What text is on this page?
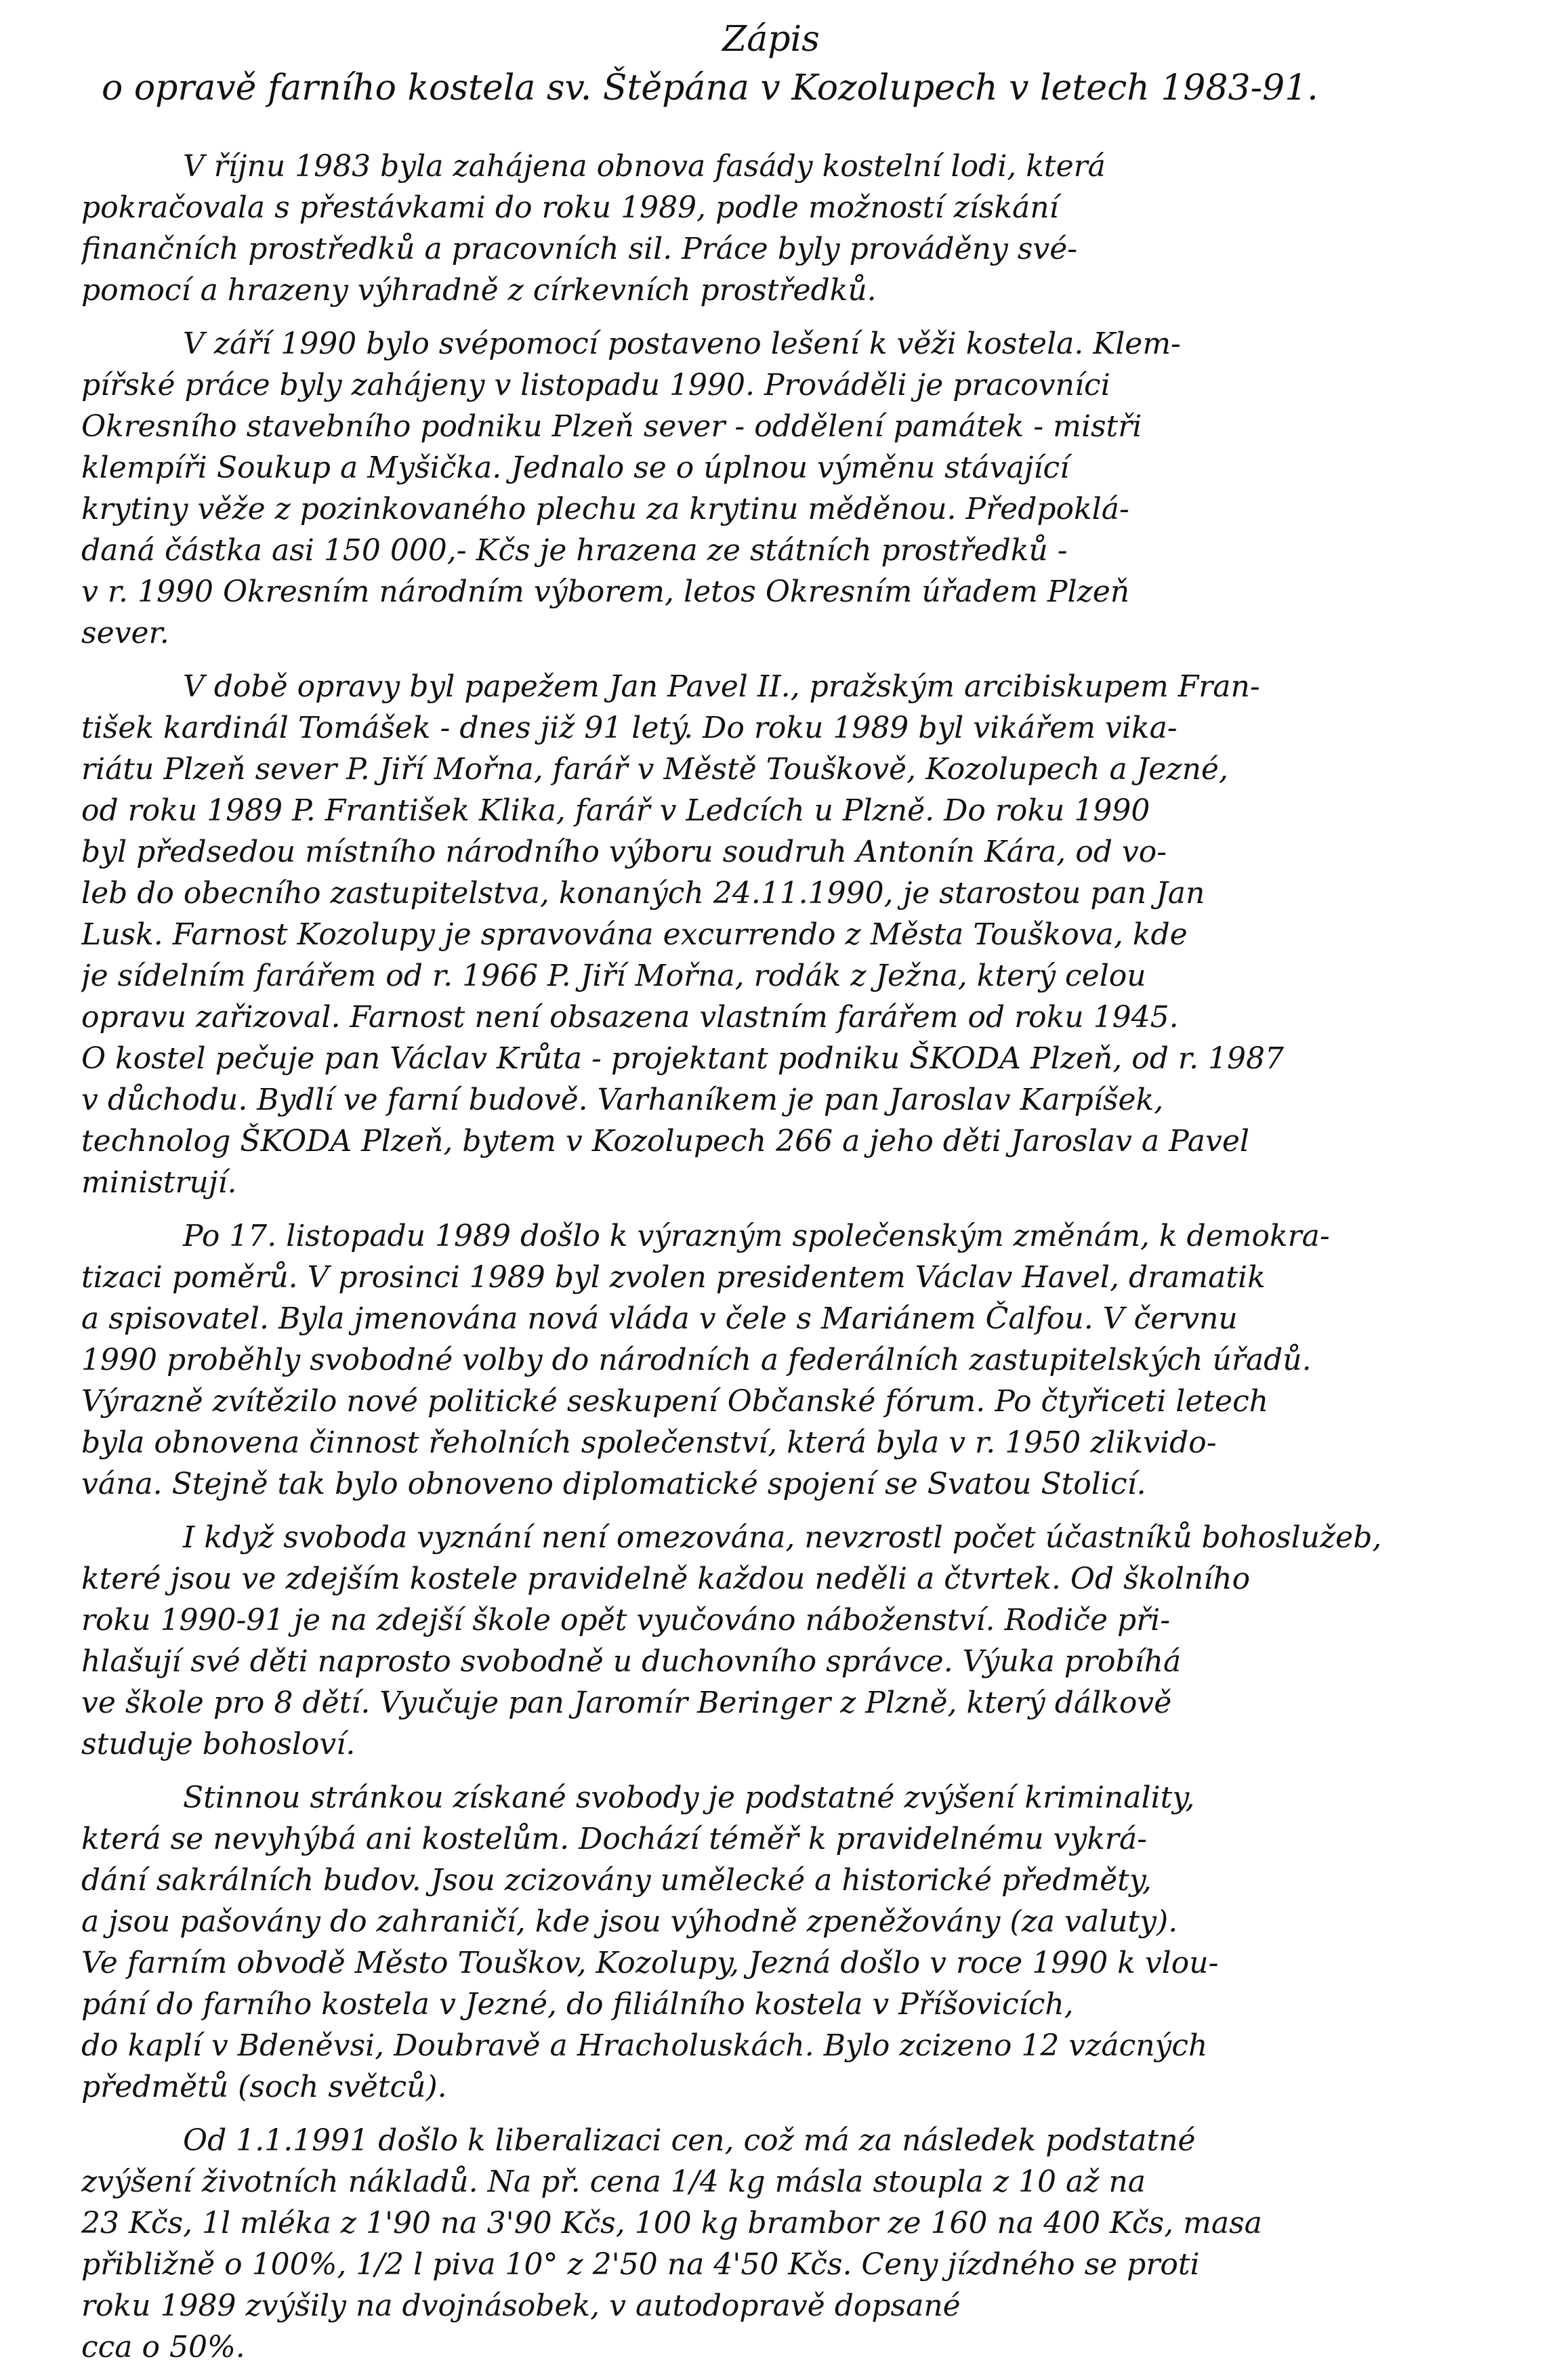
Zápis
o opravě farního kostela sv. Štěpána v Kozolupech v letech 1983-91.
V říjnu 1983 byla zahájena obnova fasády kostelní lodi, která
pokračovala s přestávkami do roku 1989, podle možností získání
finančních prostředků a pracovních sil. Práce byly prováděny své-
pomocí a hrazeny výhradně z církevních prostředků.
V září 1990 bylo svépomocí postaveno lešení k věži kostela. Klem-
pířské práce byly zahájeny v listopadu 1990. Prováděli je pracovníci
Okresního stavebního podniku Plzeň sever - oddělení památek - mistři
klempíři Soukup a Myšička. Jednalo se o úplnou výměnu stávající
krytiny věže z pozinkovaného plechu za krytinu měděnou. Předpoklá-
daná částka asi 150 000,- Kčs je hrazena ze státních prostředků -
v r. 1990 Okresním národním výborem, letos Okresním úřadem Plzeň
sever.
V době opravy byl papežem Jan Pavel II., pražským arcibiskupem Fran-
tišek kardinál Tomášek - dnes již 91 letý. Do roku 1989 byl vikářem vika-
riátu Plzeň sever P. Jiří Mořna, farář v Městě Touškově, Kozolupech a Jezné,
od roku 1989 P. František Klika, farář v Ledcích u Plzně. Do roku 1990
byl předsedou místního národního výboru soudruh Antonín Kára, od vo-
leb do obecního zastupitelstva, konaných 24.11.1990, je starostou pan Jan
Lusk. Farnost Kozolupy je spravována excurrendo z Města Touškova, kde
je sídelním farářem od r. 1966 P. Jiří Mořna, rodák z Ježna, který celou
opravu zařizoval. Farnost není obsazena vlastním farářem od roku 1945.
O kostel pečuje pan Václav Krůta - projektant podniku ŠKODA Plzeň, od r. 1987
v důchodu. Bydlí ve farní budově. Varhaníkem je pan Jaroslav Karpíšek,
technolog ŠKODA Plzeň, bytem v Kozolupech 266 a jeho děti Jaroslav a Pavel
ministrují.
Po 17. listopadu 1989 došlo k výrazným společenským změnám, k demokra-
tizaci poměrů. V prosinci 1989 byl zvolen presidentem Václav Havel, dramatik
a spisovatel. Byla jmenována nová vláda v čele s Mariánem Čalfou. V červnu
1990 proběhly svobodné volby do národních a federálních zastupitelských úřadů.
Výrazně zvítězilo nové politické seskupení Občanské fórum. Po čtyřiceti letech
byla obnovena činnost řeholních společenství, která byla v r. 1950 zlikvido-
vána. Stejně tak bylo obnoveno diplomatické spojení se Svatou Stolicí.
I když svoboda vyznání není omezována, nevzrostl počet účastníků bohoslužeb,
které jsou ve zdejším kostele pravidelně každou neděli a čtvrtek. Od školního
roku 1990-91 je na zdejší škole opět vyučováno náboženství. Rodiče při-
hlašují své děti naprosto svobodně u duchovního správce. Výuka probíhá
ve škole pro 8 dětí. Vyučuje pan Jaromír Beringer z Plzně, který dálkově
studuje bohosloví.
Stinnou stránkou získané svobody je podstatné zvýšení kriminality,
která se nevyhýbá ani kostelům. Dochází téměř k pravidelnému vykrá-
dání sakrálních budov. Jsou zcizovány umělecké a historické předměty,
a jsou pašovány do zahraničí, kde jsou výhodně zpeněžovány (za valuty).
Ve farním obvodě Město Touškov, Kozolupy, Jezná došlo v roce 1990 k vlou-
pání do farního kostela v Jezné, do filiálního kostela v Příšovicích,
do kaplí v Bdeněvsi, Doubravě a Hracholuskách. Bylo zcizeno 12 vzácných
předmětů (soch světců).
Od 1.1.1991 došlo k liberalizaci cen, což má za následek podstatné
zvýšení životních nákladů. Na př. cena 1/4 kg másla stoupla z 10 až na
23 Kčs, 1l mléka z 1'90 na 3'90 Kčs, 100 kg brambor ze 160 na 400 Kčs, masa
přibližně o 100%, 1/2 l piva 10° z 2'50 na 4'50 Kčs. Ceny jízdného se proti
roku 1989 zvýšily na dvojnásobek, v autodopravě dopsané
cca o 50%.
